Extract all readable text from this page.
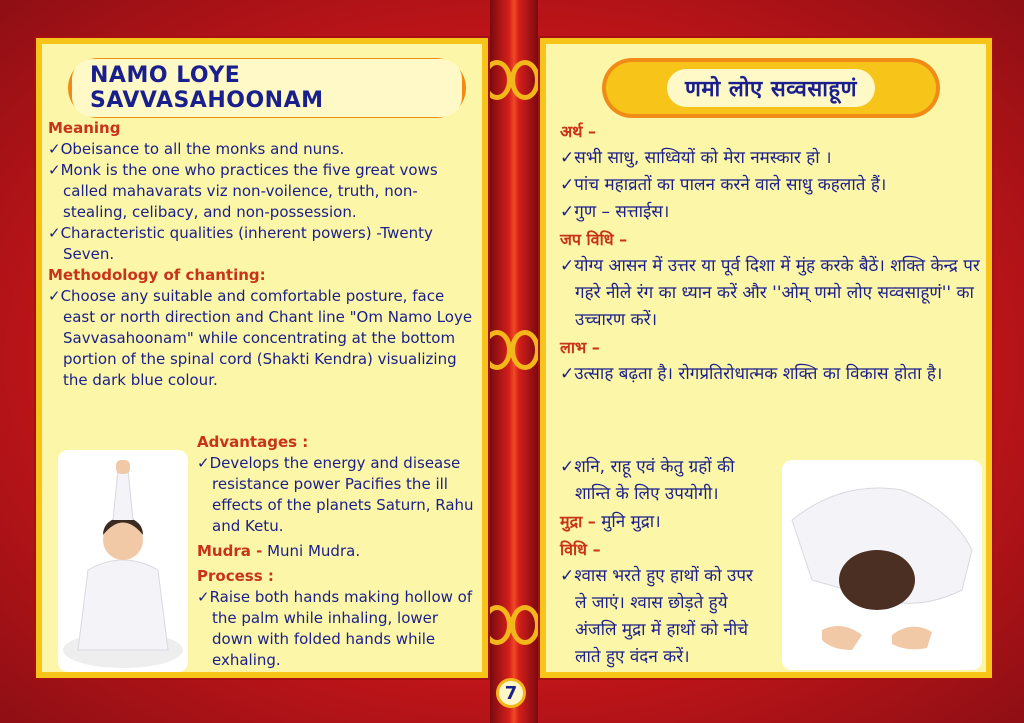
NAMO LOYE SAVVASAHOONAM
Meaning
✓Obeisance to all the monks and nuns.
✓Monk is the one who practices the five great vows called mahavarats viz non-voilence, truth, non-stealing, celibacy, and non-possession.
✓Characteristic qualities (inherent powers) -Twenty Seven.
Methodology of chanting:
✓Choose any suitable and comfortable posture, face east or north direction and Chant line "Om Namo Loye Savvasahoonam" while concentrating at the bottom portion of the spinal cord (Shakti Kendra) visualizing the dark blue colour.
Advantages :
✓Develops the energy and disease resistance power Pacifies the ill effects of the planets Saturn, Rahu and Ketu.
Mudra - Muni Mudra.
Process :
✓Raise both hands making hollow of the palm while inhaling, lower down with folded hands while exhaling.
णमो लोए सव्वसाहूणं
अर्थ –
✓सभी साधु, साध्वियों को मेरा नमस्कार हो ।
✓पांच महाव्रतों का पालन करने वाले साधु कहलाते हैं।
✓गुण – सत्ताईस।
जप विधि –
✓योग्य आसन में उत्तर या पूर्व दिशा में मुंह करके बैठें। शक्ति केन्द्र पर गहरे नीले रंग का ध्यान करें और ''ओम् णमो लोए सव्वसाहूणं'' का उच्चारण करें।
लाभ –
✓उत्साह बढ़ता है। रोगप्रतिरोधात्मक शक्ति का विकास होता है।
✓शनि, राहू एवं केतु ग्रहों की शान्ति के लिए उपयोगी।
मुद्रा – मुनि मुद्रा।
विधि –
✓श्वास भरते हुए हाथों को उपर ले जाएं। श्वास छोड़ते हुये अंजलि मुद्रा में हाथों को नीचे लाते हुए वंदन करें।
7
